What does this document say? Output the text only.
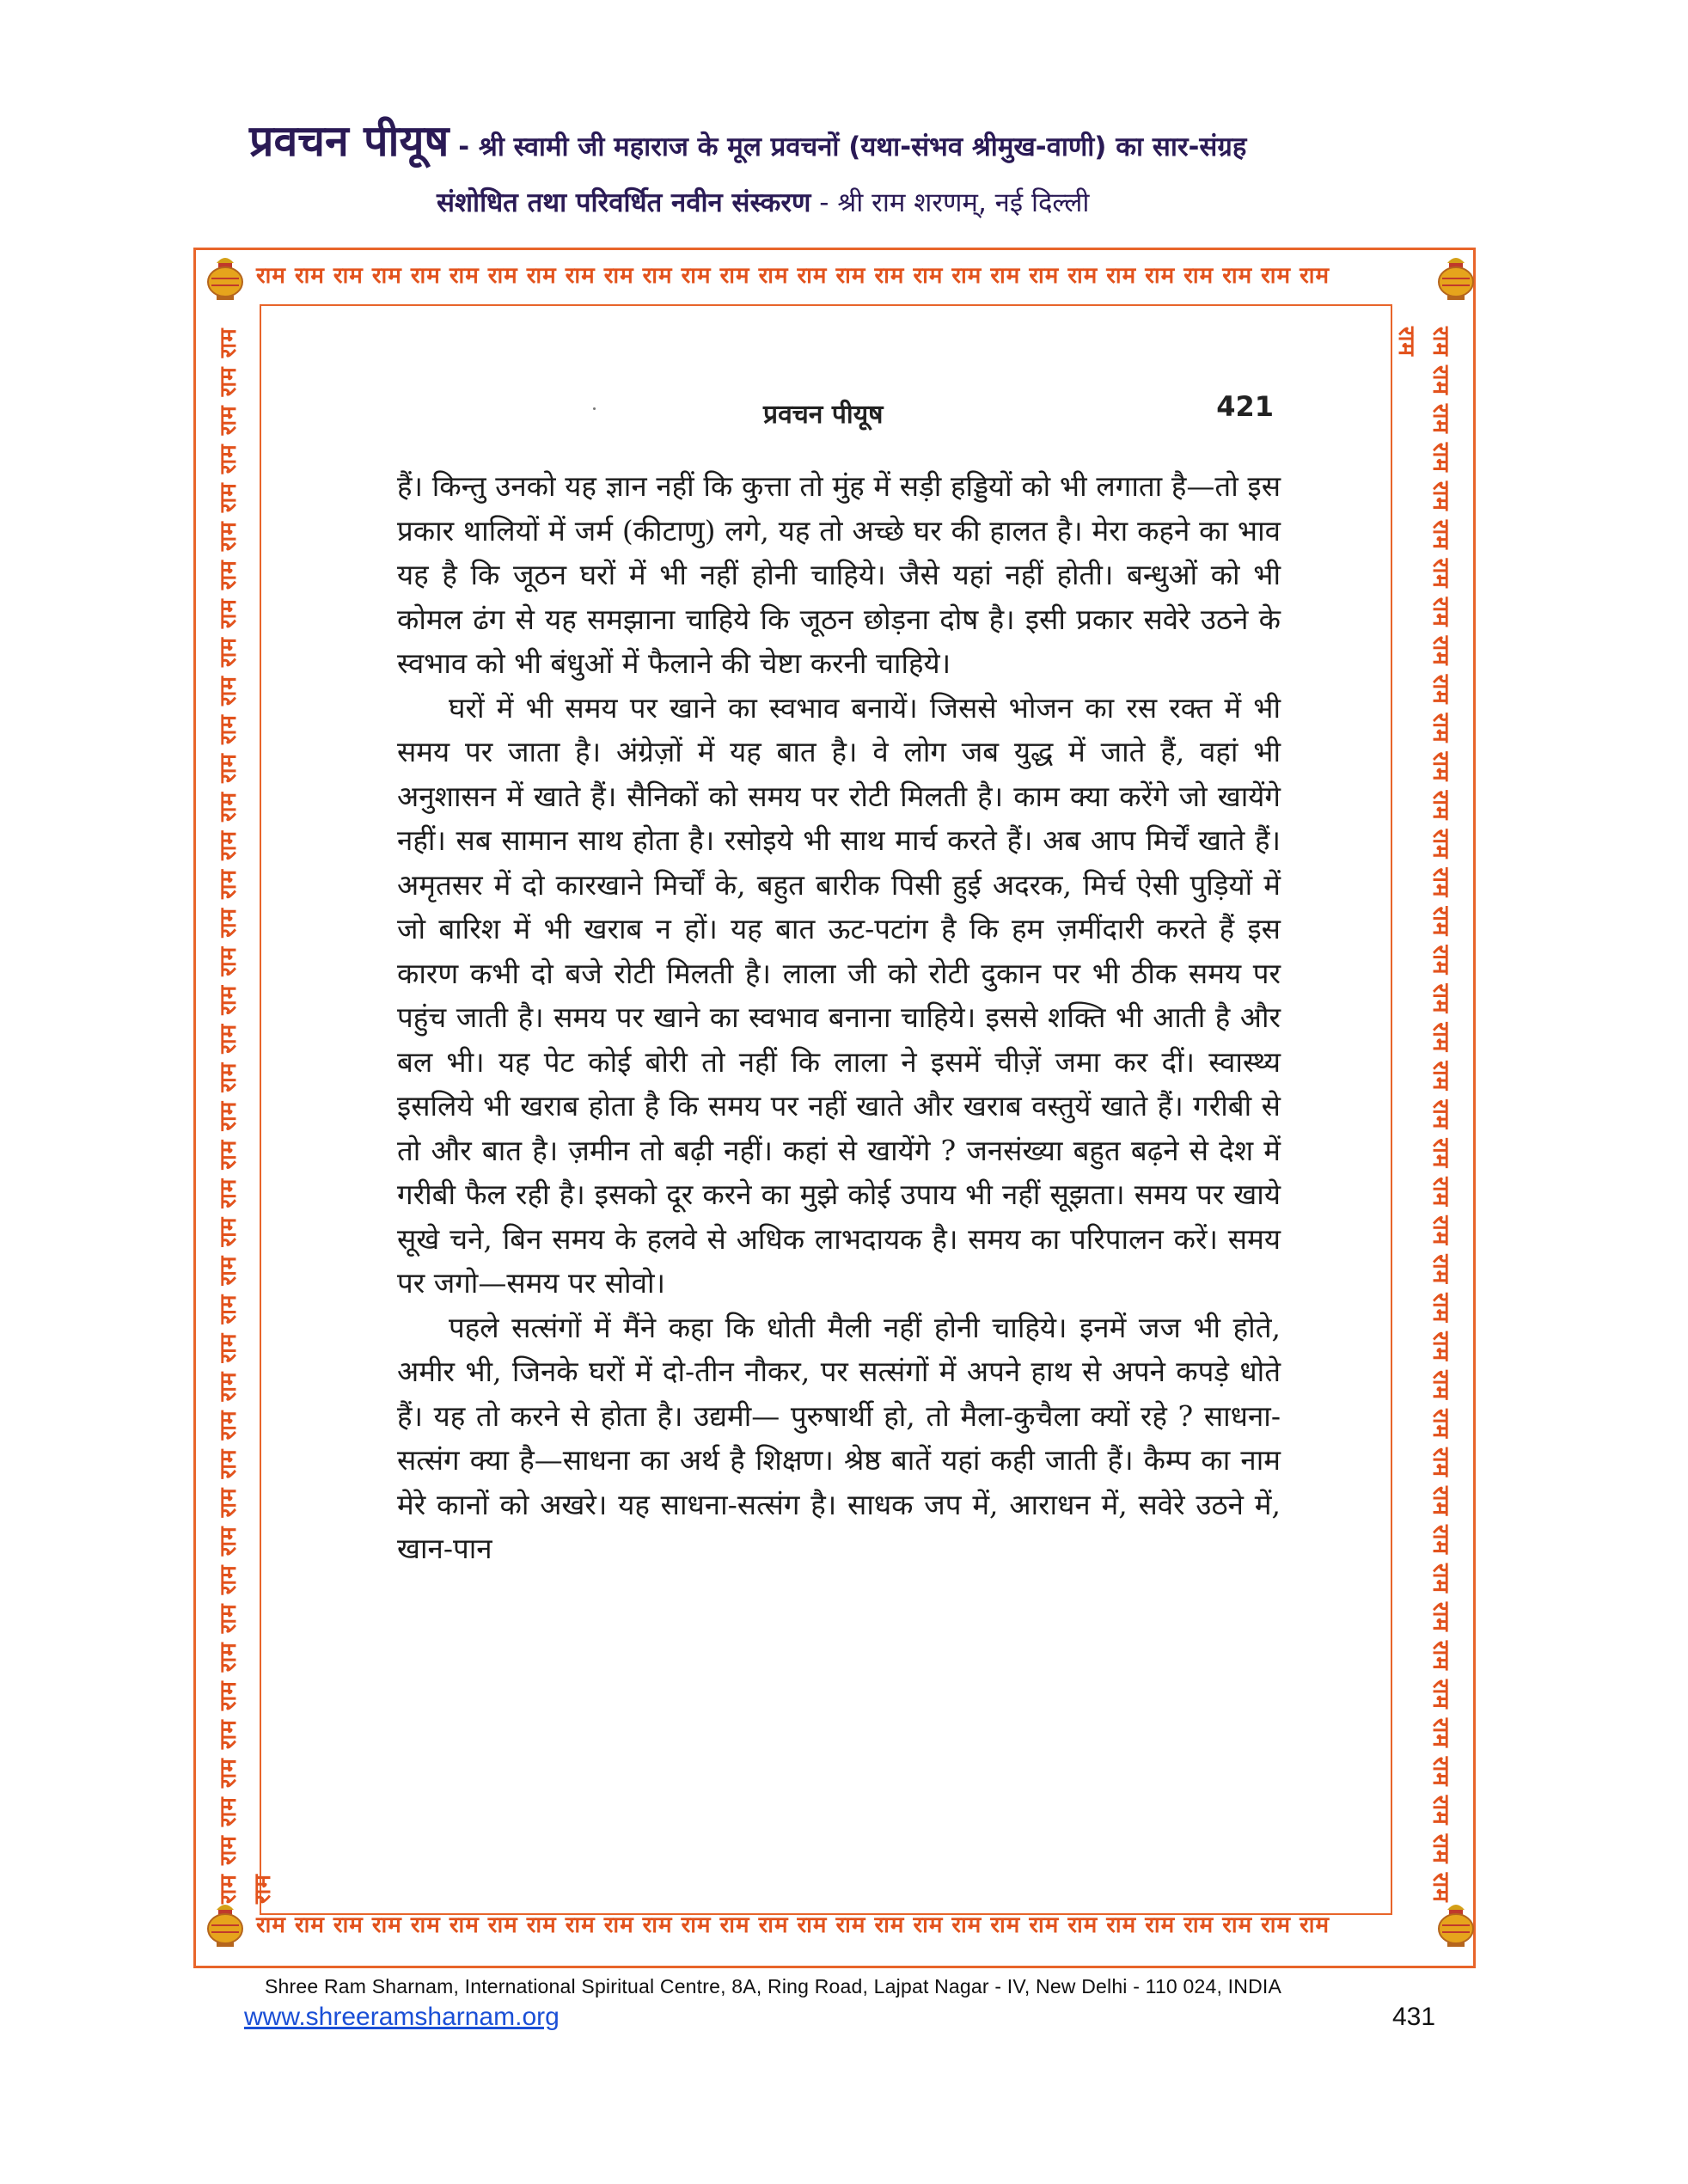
प्रवचन पीयूष - श्री स्वामी जी महाराज के मूल प्रवचनों (यथा-संभव श्रीमुख-वाणी) का सार-संग्रह
संशोधित तथा परिवर्धित नवीन संस्करण - श्री राम शरणम्, नई दिल्ली
राम राम राम राम राम राम राम राम राम राम राम राम राम राम राम राम राम राम राम राम राम राम राम राम राम राम राम राम
राम राम राम राम राम राम राम राम राम राम राम राम राम राम राम राम राम राम राम राम राम राम राम राम राम राम राम राम
राम राम राम राम राम राम राम राम राम राम राम राम राम राम राम राम राम राम राम राम राम राम राम राम राम राम राम राम राम राम राम राम राम राम राम राम राम राम राम राम राम राम	राम राम राम राम राम राम राम राम राम राम राम राम राम राम राम राम राम राम राम राम राम राम राम राम राम राम राम राम राम राम राम राम राम राम राम राम राम राम राम राम राम राम
प्रवचन पीयूष	421

हैं। किन्तु उनको यह ज्ञान नहीं कि कुत्ता तो मुंह में सड़ी हड्डियों को भी लगाता है—तो इस प्रकार थालियों में जर्म (कीटाणु) लगे, यह तो अच्छे घर की हालत है। मेरा कहने का भाव यह है कि जूठन घरों में भी नहीं होनी चाहिये। जैसे यहां नहीं होती। बन्धुओं को भी कोमल ढंग से यह समझाना चाहिये कि जूठन छोड़ना दोष है। इसी प्रकार सवेरे उठने के स्वभाव को भी बंधुओं में फैलाने की चेष्टा करनी चाहिये।

घरों में भी समय पर खाने का स्वभाव बनायें। जिससे भोजन का रस रक्त में भी समय पर जाता है। अंग्रेज़ों में यह बात है। वे लोग जब युद्ध में जाते हैं, वहां भी अनुशासन में खाते हैं। सैनिकों को समय पर रोटी मिलती है। काम क्या करेंगे जो खायेंगे नहीं। सब सामान साथ होता है। रसोइये भी साथ मार्च करते हैं। अब आप मिर्चें खाते हैं। अमृतसर में दो कारखाने मिर्चों के, बहुत बारीक पिसी हुई अदरक, मिर्च ऐसी पुड़ियों में जो बारिश में भी खराब न हों। यह बात ऊट-पटांग है कि हम ज़मींदारी करते हैं इस कारण कभी दो बजे रोटी मिलती है। लाला जी को रोटी दुकान पर भी ठीक समय पर पहुंच जाती है। समय पर खाने का स्वभाव बनाना चाहिये। इससे शक्ति भी आती है और बल भी। यह पेट कोई बोरी तो नहीं कि लाला ने इसमें चीज़ें जमा कर दीं। स्वास्थ्य इसलिये भी खराब होता है कि समय पर नहीं खाते और खराब वस्तुयें खाते हैं। गरीबी से तो और बात है। ज़मीन तो बढ़ी नहीं। कहां से खायेंगे ? जनसंख्या बहुत बढ़ने से देश में गरीबी फैल रही है। इसको दूर करने का मुझे कोई उपाय भी नहीं सूझता। समय पर खाये सूखे चने, बिन समय के हलवे से अधिक लाभदायक है। समय का परिपालन करें। समय पर जगो—समय पर सोवो।

पहले सत्संगों में मैंने कहा कि धोती मैली नहीं होनी चाहिये। इनमें जज भी होते, अमीर भी, जिनके घरों में दो-तीन नौकर, पर सत्संगों में अपने हाथ से अपने कपड़े धोते हैं। यह तो करने से होता है। उद्यमी— पुरुषार्थी हो, तो मैला-कुचैला क्यों रहे ? साधना-सत्संग क्या है—साधना का अर्थ है शिक्षण। श्रेष्ठ बातें यहां कही जाती हैं। कैम्प का नाम मेरे कानों को अखरे। यह साधना-सत्संग है। साधक जप में, आराधन में, सवेरे उठने में, खान-पान

Shree Ram Sharnam, International Spiritual Centre, 8A, Ring Road, Lajpat Nagar - IV, New Delhi - 110 024, INDIA
www.shreeramsharnam.org	431
